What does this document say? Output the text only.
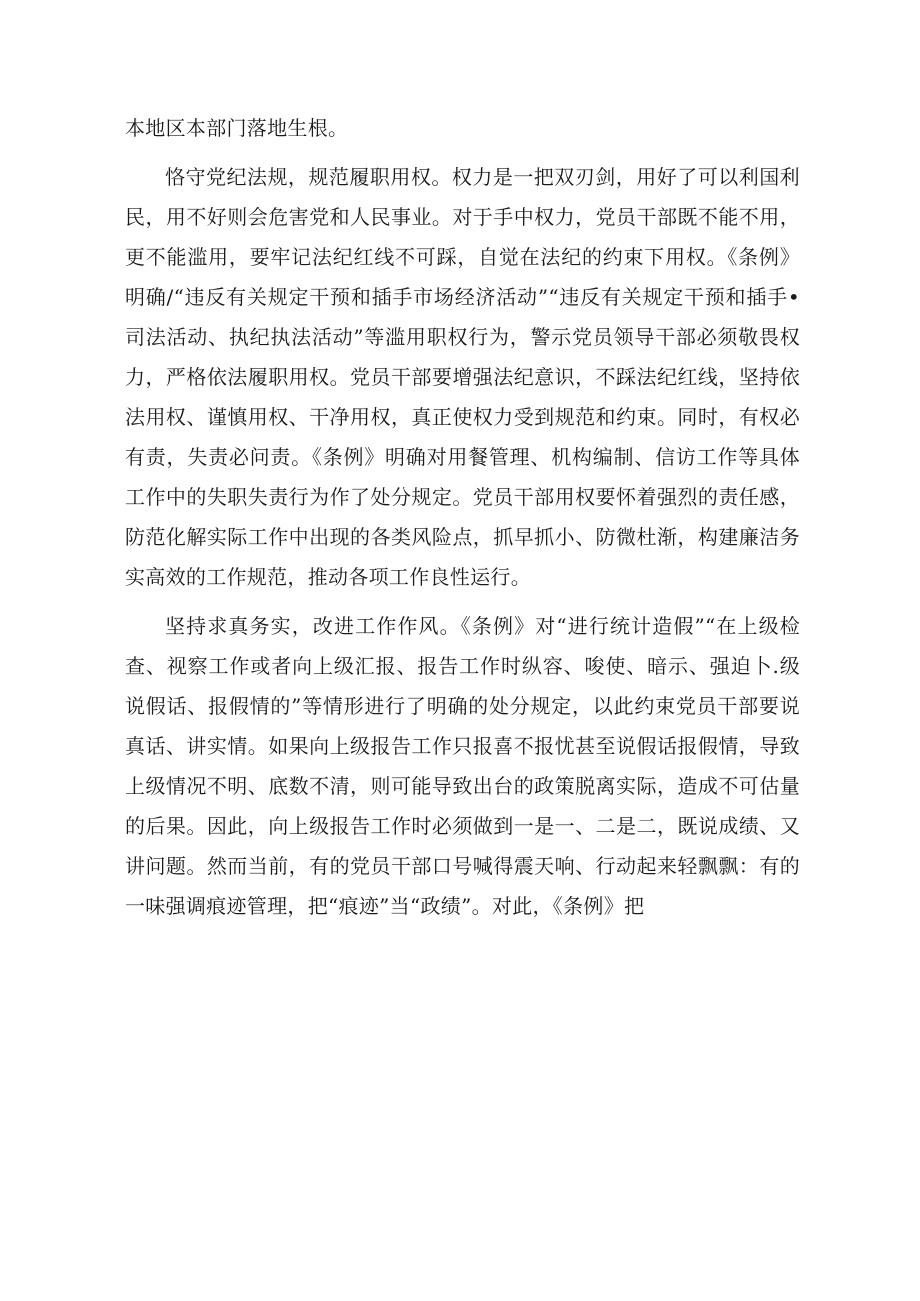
本地区本部门落地生根。

恪守党纪法规，规范履职用权。权力是一把双刃剑，用好了可以利国利民，用不好则会危害党和人民事业。对于手中权力，党员干部既不能不用，更不能滥用，要牢记法纪红线不可踩，自觉在法纪的约束下用权。《条例》明确/“违反有关规定干预和插手市场经济活动”“违反有关规定干预和插手•司法活动、执纪执法活动”等滥用职权行为，警示党员领导干部必须敬畏权力，严格依法履职用权。党员干部要增强法纪意识，不踩法纪红线，坚持依法用权、谨慎用权、干净用权，真正使权力受到规范和约束。同时，有权必有责，失责必问责。《条例》明确对用餐管理、机构编制、信访工作等具体工作中的失职失责行为作了处分规定。党员干部用权要怀着强烈的责任感，防范化解实际工作中出现的各类风险点，抓早抓小、防微杜渐，构建廉洁务实高效的工作规范，推动各项工作良性运行。

坚持求真务实，改进工作作风。《条例》对“进行统计造假”“在上级检查、视察工作或者向上级汇报、报告工作时纵容、唆使、暗示、强迫卜.级说假话、报假情的”等情形进行了明确的处分规定，以此约束党员干部要说真话、讲实情。如果向上级报告工作只报喜不报忧甚至说假话报假情，导致上级情况不明、底数不清，则可能导致出台的政策脱离实际，造成不可估量的后果。因此，向上级报告工作时必须做到一是一、二是二，既说成绩、又讲问题。然而当前，有的党员干部口号喊得震天响、行动起来轻飘飘：有的一味强调痕迹管理，把“痕迹”当“政绩”。对此，《条例》把
